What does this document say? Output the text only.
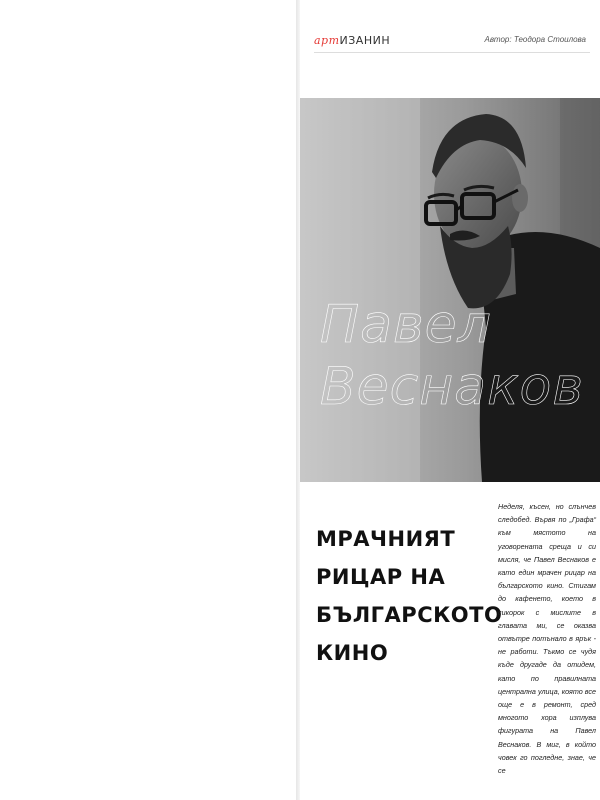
артИЗАНИН	Автор: Теодора Стоилова
Павел
Веснаков
МРАЧНИЯТ
РИЦАР НА
БЪЛГАРСКОТО
КИНО
Неделя, късен, но слънчев следобед. Вървя по „Графа“ към мястото на уговорената среща и си мисля, че Павел Веснаков е като един мрачен рицар на българското кино. Стигам до кафенето, което в сикорок с мислите в главата ми, се оказва отвътре потънало в ярък - не работи. Тъкмо се чудя къде другаде да отидем, като по правилната централна улица, която все още е в ремонт, сред многото хора изплува фигурата на Павел Веснаков. В миг, в който човек го погледне, знае, че се
